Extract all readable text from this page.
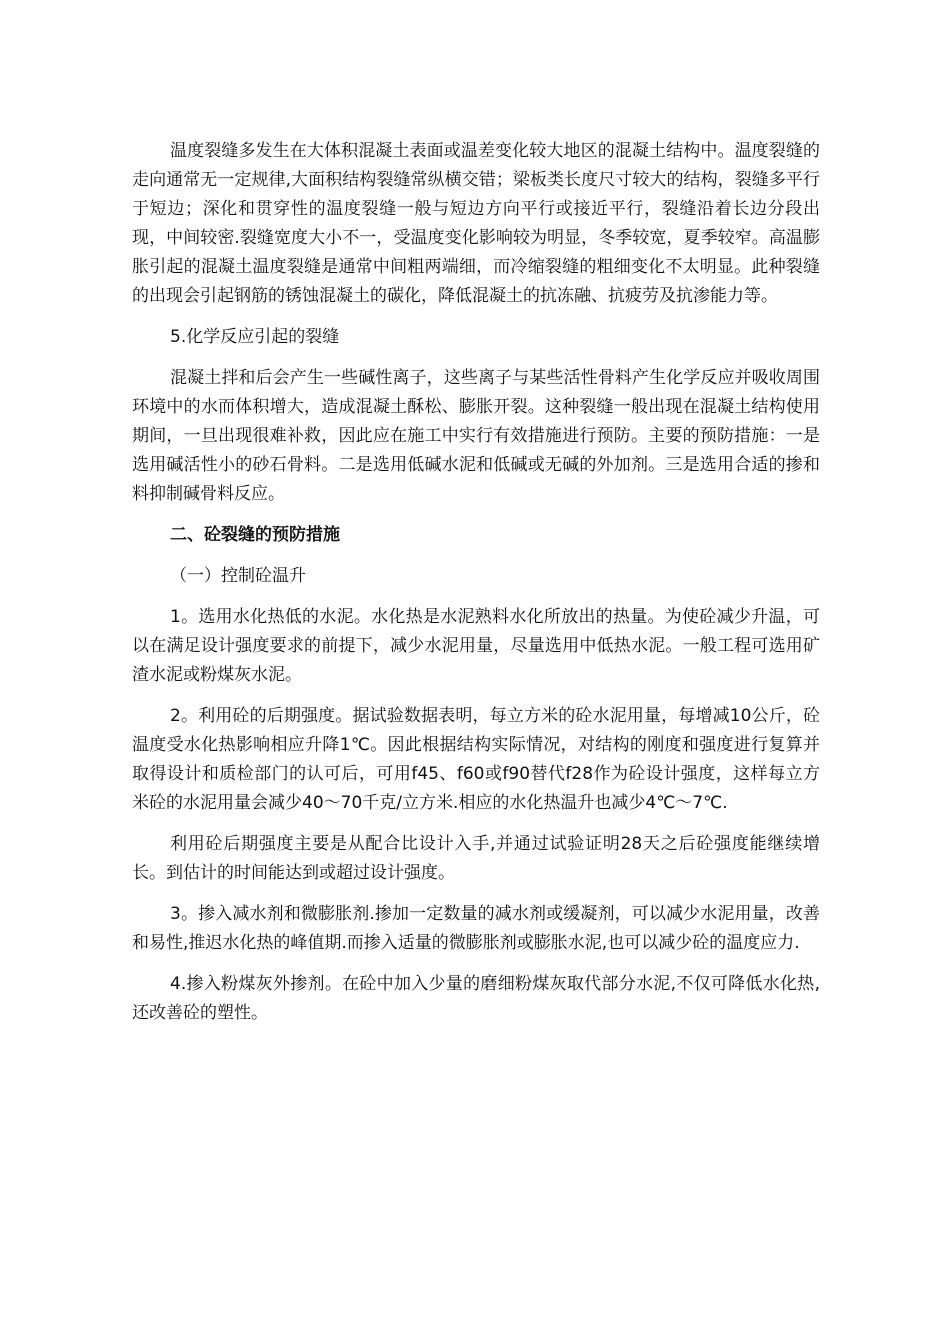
温度裂缝多发生在大体积混凝土表面或温差变化较大地区的混凝土结构中。温度裂缝的走向通常无一定规律,大面积结构裂缝常纵横交错；梁板类长度尺寸较大的结构，裂缝多平行于短边；深化和贯穿性的温度裂缝一般与短边方向平行或接近平行，裂缝沿着长边分段出现，中间较密.裂缝宽度大小不一，受温度变化影响较为明显，冬季较宽，夏季较窄。高温膨胀引起的混凝土温度裂缝是通常中间粗两端细，而冷缩裂缝的粗细变化不太明显。此种裂缝的出现会引起钢筋的锈蚀混凝土的碳化，降低混凝土的抗冻融、抗疲劳及抗渗能力等。

5.化学反应引起的裂缝

混凝土拌和后会产生一些碱性离子，这些离子与某些活性骨料产生化学反应并吸收周围环境中的水而体积增大，造成混凝土酥松、膨胀开裂。这种裂缝一般出现在混凝土结构使用期间，一旦出现很难补救，因此应在施工中实行有效措施进行预防。主要的预防措施：一是选用碱活性小的砂石骨料。二是选用低碱水泥和低碱或无碱的外加剂。三是选用合适的掺和料抑制碱骨料反应。

二、砼裂缝的预防措施

（一）控制砼温升

1。选用水化热低的水泥。水化热是水泥熟料水化所放出的热量。为使砼减少升温，可以在满足设计强度要求的前提下，减少水泥用量，尽量选用中低热水泥。一般工程可选用矿渣水泥或粉煤灰水泥。

2。利用砼的后期强度。据试验数据表明，每立方米的砼水泥用量，每增减10公斤，砼温度受水化热影响相应升降1℃。因此根据结构实际情况，对结构的刚度和强度进行复算并取得设计和质检部门的认可后，可用f45、f60或f90替代f28作为砼设计强度，这样每立方米砼的水泥用量会减少40～70千克/立方米.相应的水化热温升也减少4℃～7℃.

利用砼后期强度主要是从配合比设计入手,并通过试验证明28天之后砼强度能继续增长。到估计的时间能达到或超过设计强度。

3。掺入减水剂和微膨胀剂.掺加一定数量的减水剂或缓凝剂，可以减少水泥用量，改善和易性,推迟水化热的峰值期.而掺入适量的微膨胀剂或膨胀水泥,也可以减少砼的温度应力.

4.掺入粉煤灰外掺剂。在砼中加入少量的磨细粉煤灰取代部分水泥,不仅可降低水化热,还改善砼的塑性。
